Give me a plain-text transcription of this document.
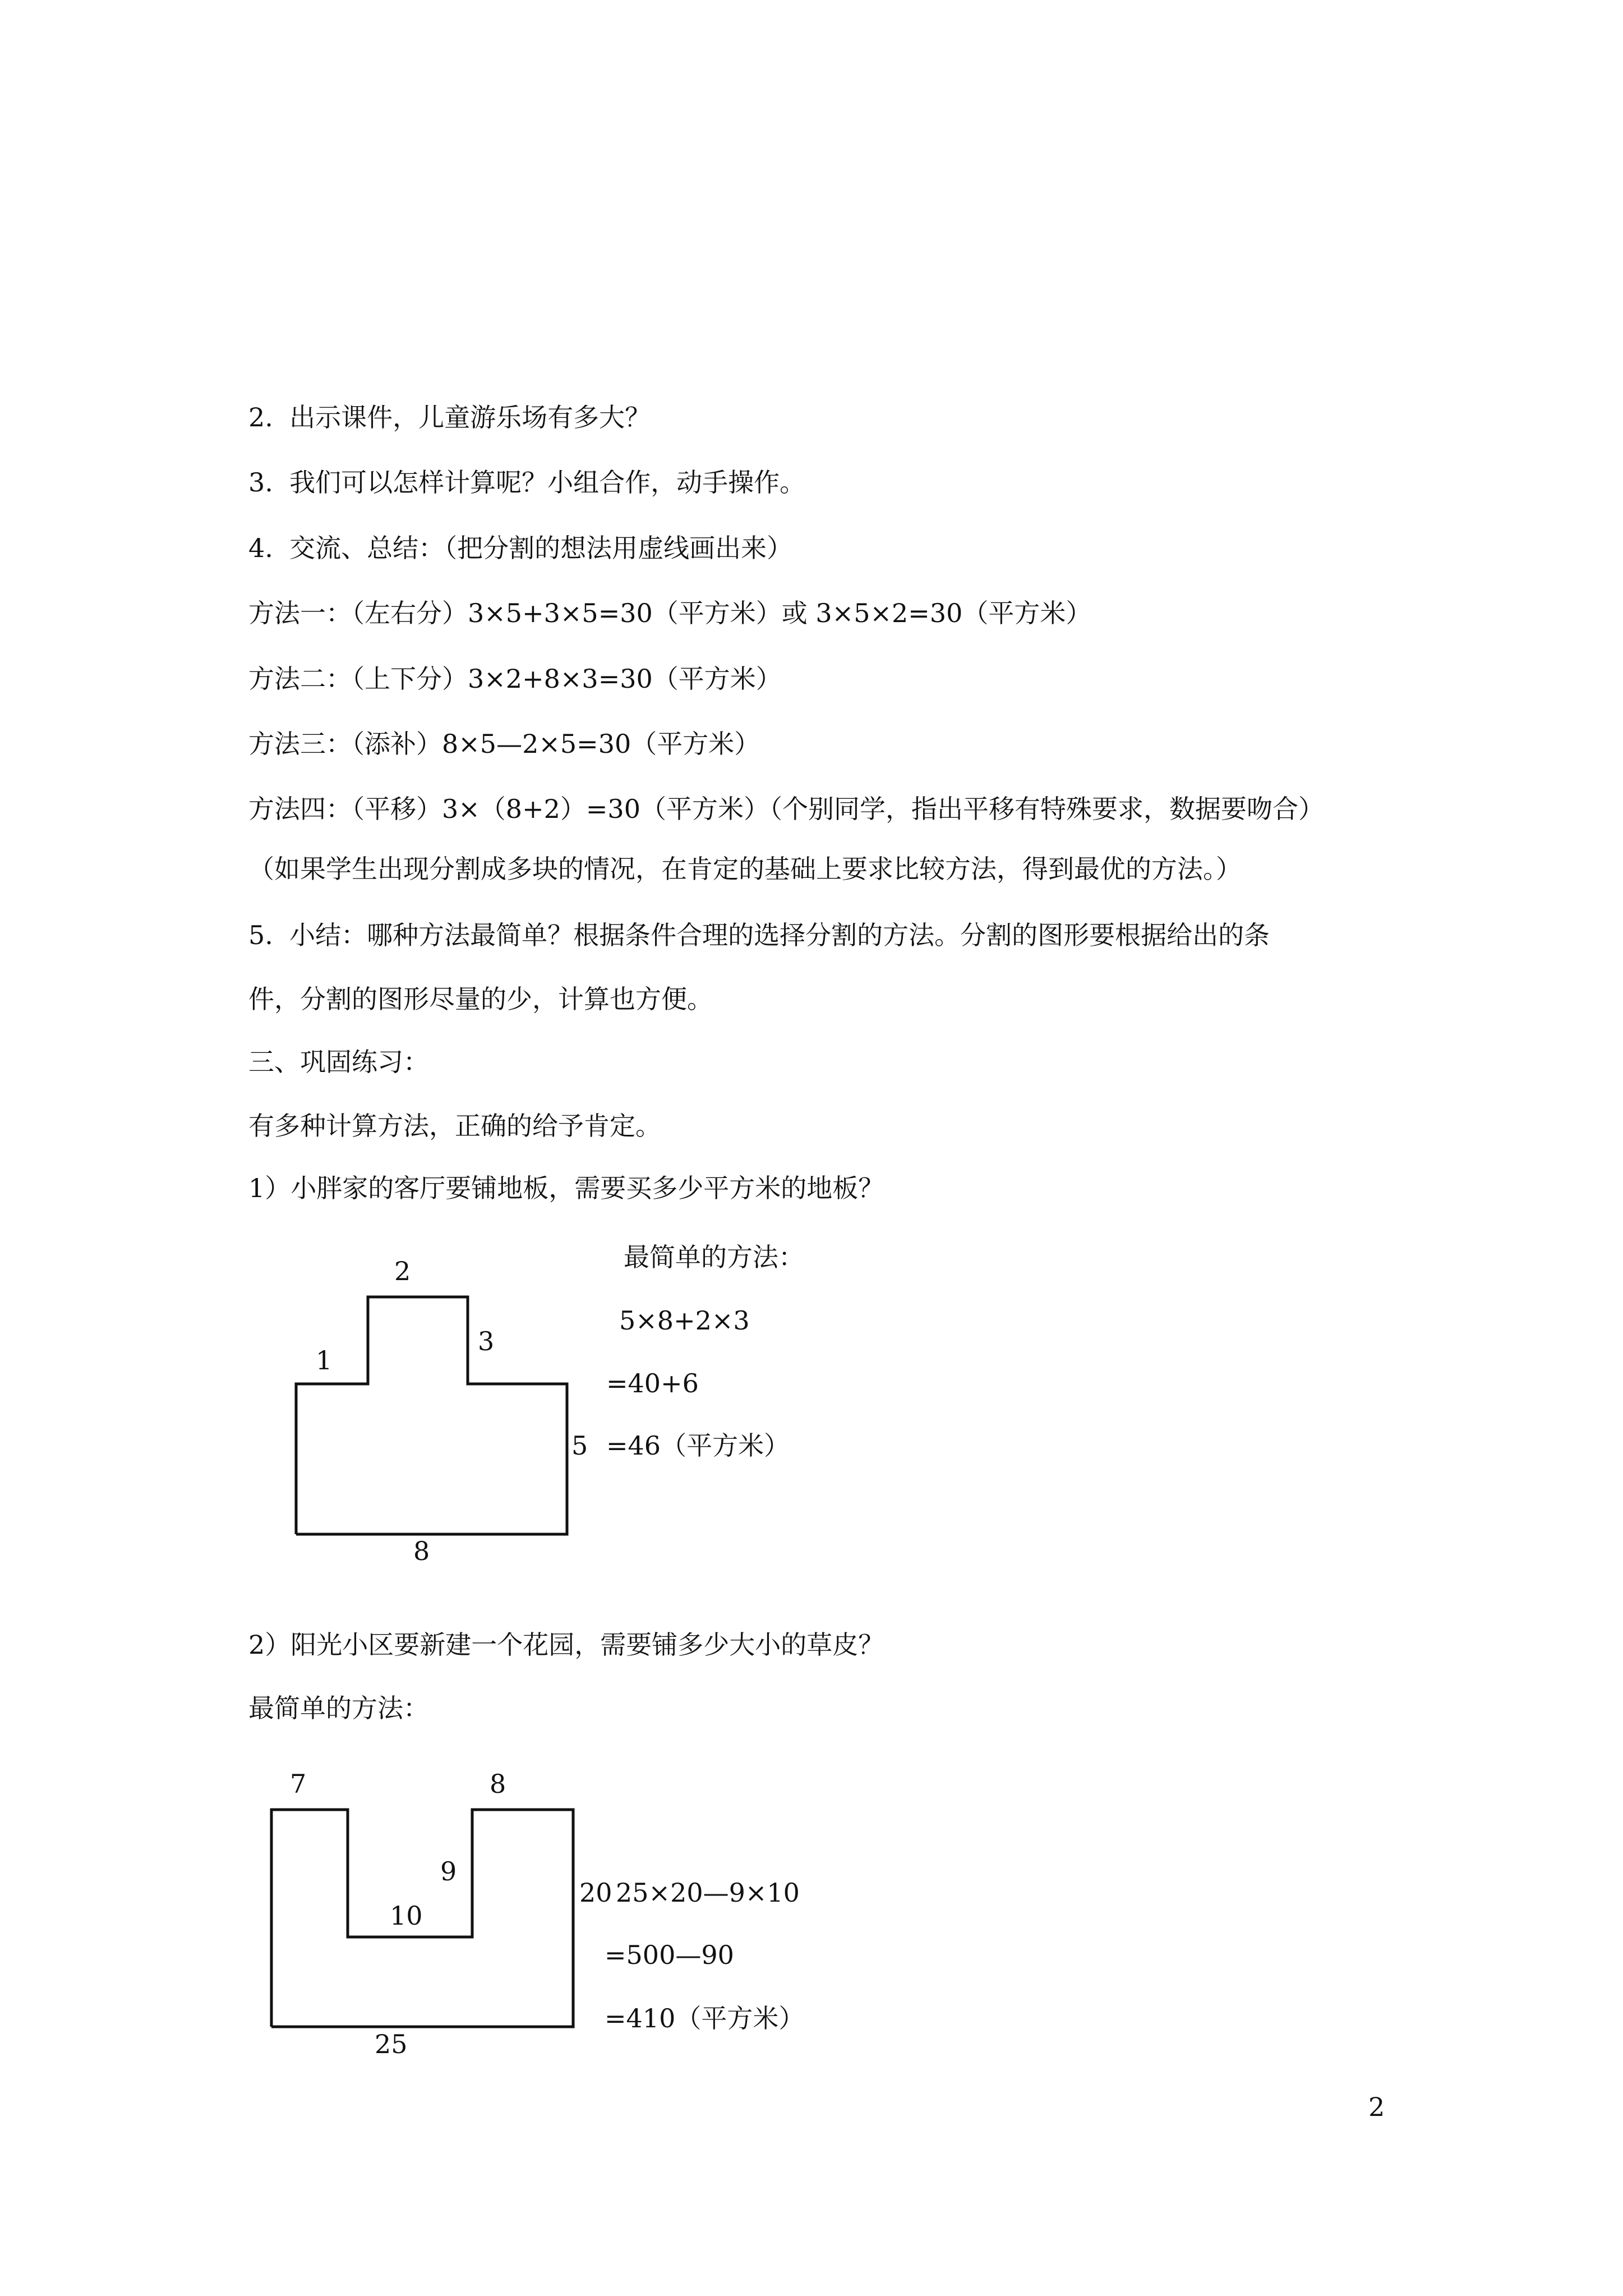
2.  出示课件，儿童游乐场有多大？
3.  我们可以怎样计算呢？小组合作，动手操作。
4.  交流、总结：（把分割的想法用虚线画出来）
方法一：（左右分）3×5+3×5=30（平方米）或 3×5×2=30（平方米）
方法二：（上下分）3×2+8×3=30（平方米）
方法三：（添补）8×5—2×5=30（平方米）
方法四：（平移）3×（8+2）=30（平方米）（个别同学，指出平移有特殊要求，数据要吻合）
（如果学生出现分割成多块的情况，在肯定的基础上要求比较方法，得到最优的方法。）
5.  小结：哪种方法最简单？根据条件合理的选择分割的方法。分割的图形要根据给出的条
件，分割的图形尽量的少，计算也方便。
三、巩固练习：
有多种计算方法，正确的给予肯定。
1）小胖家的客厅要铺地板，需要买多少平方米的地板？
2
1
3
5
8
最简单的方法：
5×8+2×3
=40+6
=46（平方米）
2）阳光小区要新建一个花园，需要铺多少大小的草皮？
最简单的方法：
7	8
9
10
20
25
25×20—9×10
=500—90
=410（平方米）
2
